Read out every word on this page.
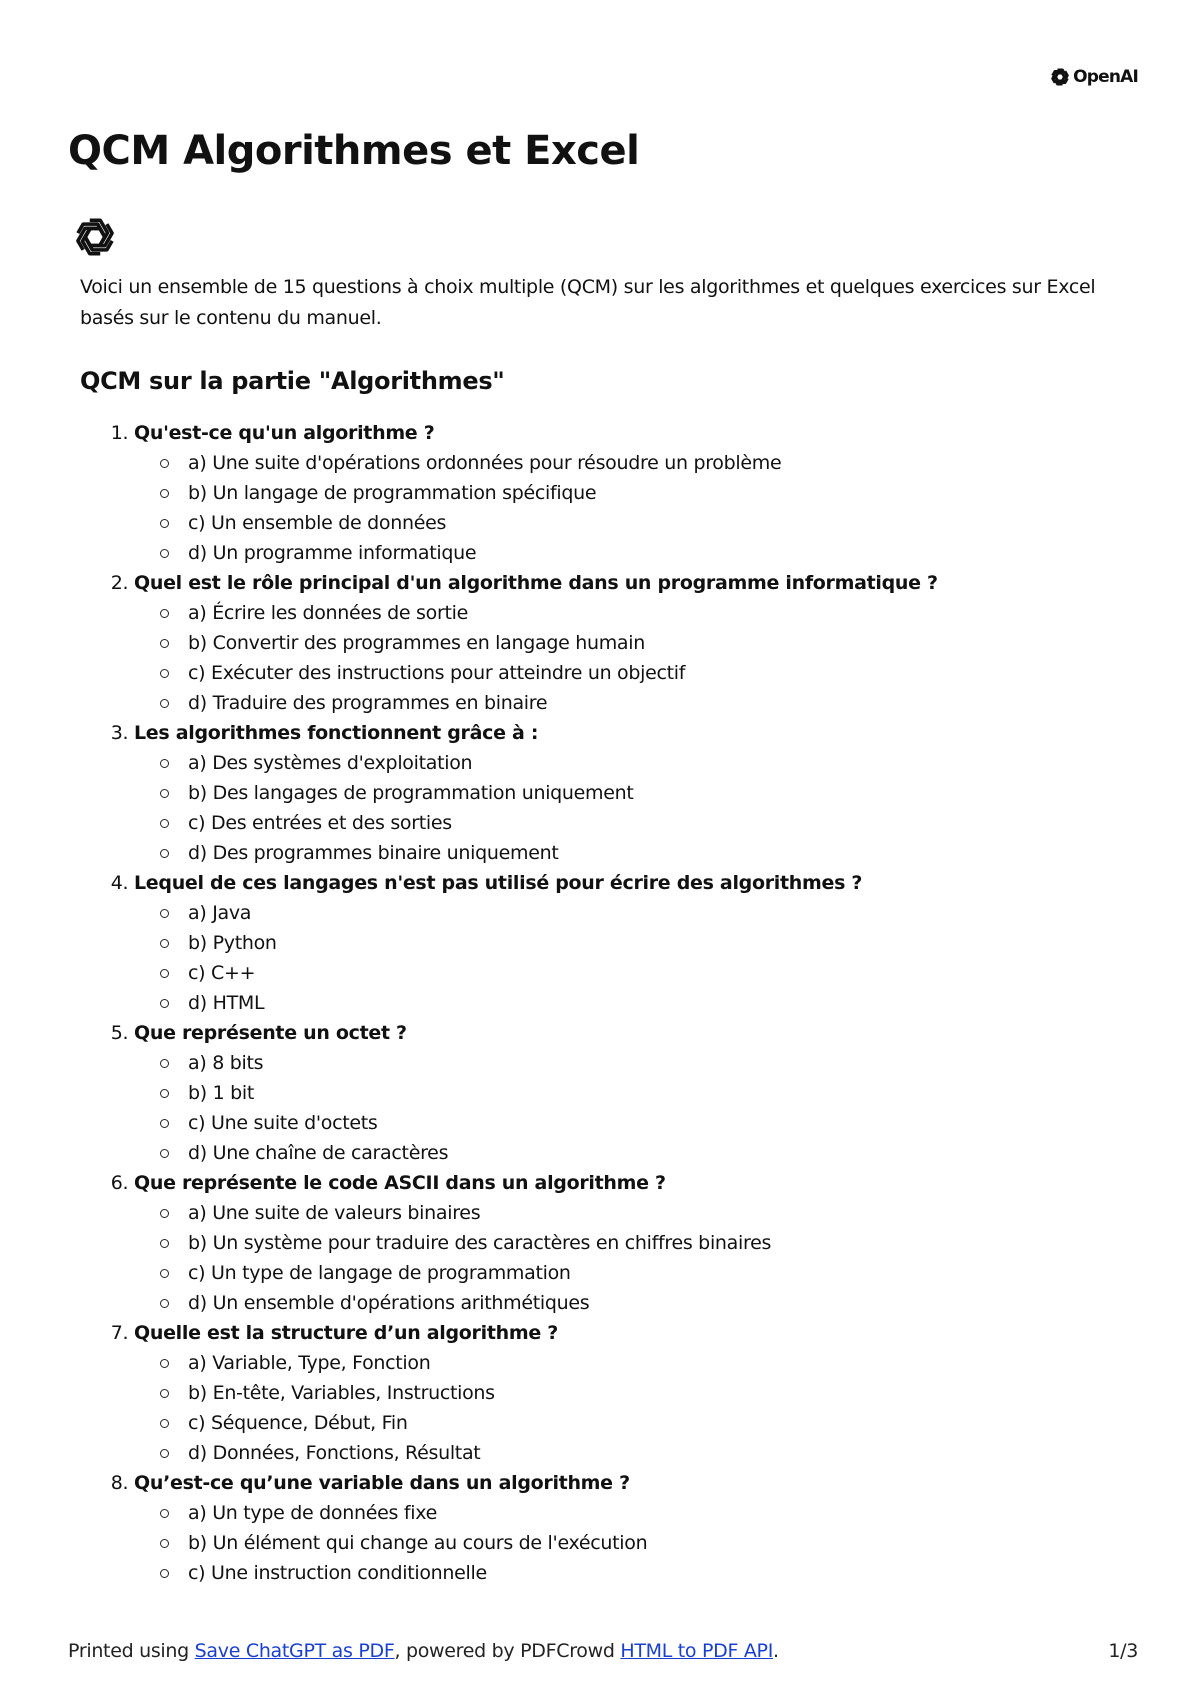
OpenAI
QCM Algorithmes et Excel

Voici un ensemble de 15 questions à choix multiple (QCM) sur les algorithmes et quelques exercices sur Excel basés sur le contenu du manuel.

QCM sur la partie "Algorithmes"
1. Qu'est-ce qu'un algorithme ?
a) Une suite d'opérations ordonnées pour résoudre un problème
b) Un langage de programmation spécifique
c) Un ensemble de données
d) Un programme informatique
2. Quel est le rôle principal d'un algorithme dans un programme informatique ?
a) Écrire les données de sortie
b) Convertir des programmes en langage humain
c) Exécuter des instructions pour atteindre un objectif
d) Traduire des programmes en binaire
3. Les algorithmes fonctionnent grâce à :
a) Des systèmes d'exploitation
b) Des langages de programmation uniquement
c) Des entrées et des sorties
d) Des programmes binaire uniquement
4. Lequel de ces langages n'est pas utilisé pour écrire des algorithmes ?
a) Java
b) Python
c) C++
d) HTML
5. Que représente un octet ?
a) 8 bits
b) 1 bit
c) Une suite d'octets
d) Une chaîne de caractères
6. Que représente le code ASCII dans un algorithme ?
a) Une suite de valeurs binaires
b) Un système pour traduire des caractères en chiffres binaires
c) Un type de langage de programmation
d) Un ensemble d'opérations arithmétiques
7. Quelle est la structure d’un algorithme ?
a) Variable, Type, Fonction
b) En-tête, Variables, Instructions
c) Séquence, Début, Fin
d) Données, Fonctions, Résultat
8. Qu’est-ce qu’une variable dans un algorithme ?
a) Un type de données fixe
b) Un élément qui change au cours de l'exécution
c) Une instruction conditionnelle
Printed using Save ChatGPT as PDF, powered by PDFCrowd HTML to PDF API.	1/3
